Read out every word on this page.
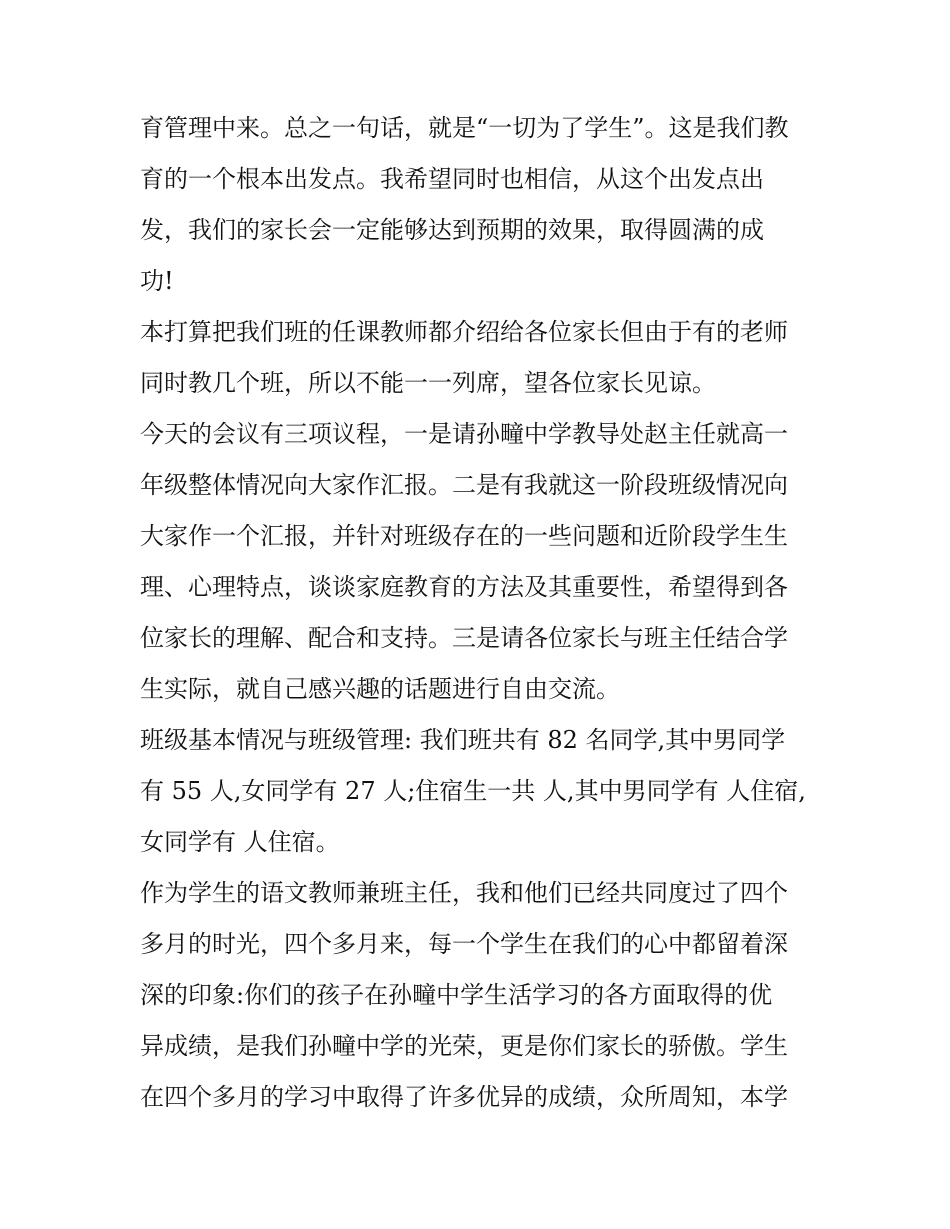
育管理中来。总之一句话，就是“一切为了学生”。这是我们教
育的一个根本出发点。我希望同时也相信，从这个出发点出
发，我们的家长会一定能够达到预期的效果，取得圆满的成
功!
本打算把我们班的任课教师都介绍给各位家长但由于有的老师
同时教几个班，所以不能一一列席，望各位家长见谅。
今天的会议有三项议程，一是请孙疃中学教导处赵主任就高一
年级整体情况向大家作汇报。二是有我就这一阶段班级情况向
大家作一个汇报，并针对班级存在的一些问题和近阶段学生生
理、心理特点，谈谈家庭教育的方法及其重要性，希望得到各
位家长的理解、配合和支持。三是请各位家长与班主任结合学
生实际，就自己感兴趣的话题进行自由交流。
班级基本情况与班级管理: 我们班共有 82 名同学,其中男同学
有 55 人,女同学有 27 人;住宿生一共 人,其中男同学有 人住宿,
女同学有 人住宿。
作为学生的语文教师兼班主任，我和他们已经共同度过了四个
多月的时光，四个多月来，每一个学生在我们的心中都留着深
深的印象:你们的孩子在孙疃中学生活学习的各方面取得的优
异成绩，是我们孙疃中学的光荣，更是你们家长的骄傲。学生
在四个多月的学习中取得了许多优异的成绩，众所周知，本学
